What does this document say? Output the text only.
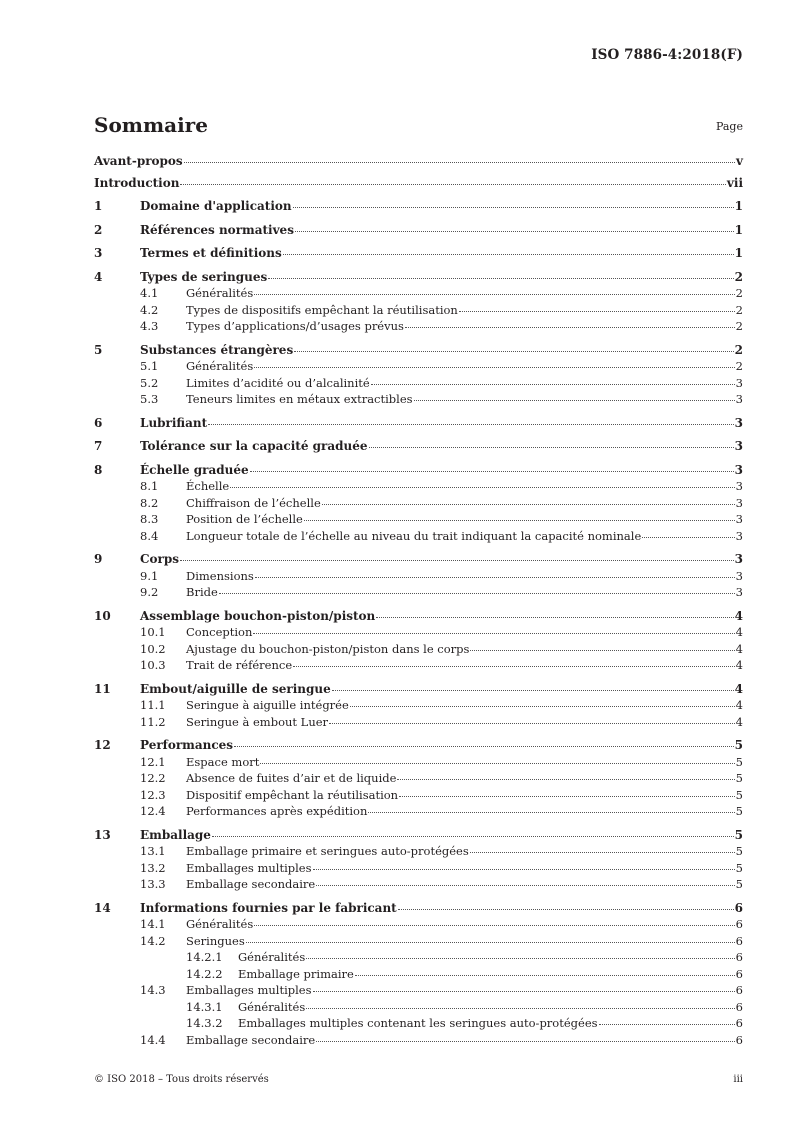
ISO 7886-4:2018(F)
Sommaire	Page
Avant-propos	v
Introduction	vii
1	Domaine d'application	1
2	Références normatives	1
3	Termes et définitions	1
4	Types de seringues	2
4.1	Généralités	2
4.2	Types de dispositifs empêchant la réutilisation	2
4.3	Types d’applications/d’usages prévus	2
5	Substances étrangères	2
5.1	Généralités	2
5.2	Limites d’acidité ou d’alcalinité	3
5.3	Teneurs limites en métaux extractibles	3
6	Lubrifiant	3
7	Tolérance sur la capacité graduée	3
8	Échelle graduée	3
8.1	Échelle	3
8.2	Chiffraison de l’échelle	3
8.3	Position de l’échelle	3
8.4	Longueur totale de l’échelle au niveau du trait indiquant la capacité nominale	3
9	Corps	3
9.1	Dimensions	3
9.2	Bride	3
10	Assemblage bouchon-piston/piston	4
10.1	Conception	4
10.2	Ajustage du bouchon-piston/piston dans le corps	4
10.3	Trait de référence	4
11	Embout/aiguille de seringue	4
11.1	Seringue à aiguille intégrée	4
11.2	Seringue à embout Luer	4
12	Performances	5
12.1	Espace mort	5
12.2	Absence de fuites d’air et de liquide	5
12.3	Dispositif empêchant la réutilisation	5
12.4	Performances après expédition	5
13	Emballage	5
13.1	Emballage primaire et seringues auto-protégées	5
13.2	Emballages multiples	5
13.3	Emballage secondaire	5
14	Informations fournies par le fabricant	6
14.1	Généralités	6
14.2	Seringues	6
14.2.1	Généralités	6
14.2.2	Emballage primaire	6
14.3	Emballages multiples	6
14.3.1	Généralités	6
14.3.2	Emballages multiples contenant les seringues auto-protégées	6
14.4	Emballage secondaire	6
© ISO 2018 – Tous droits réservés	iii
